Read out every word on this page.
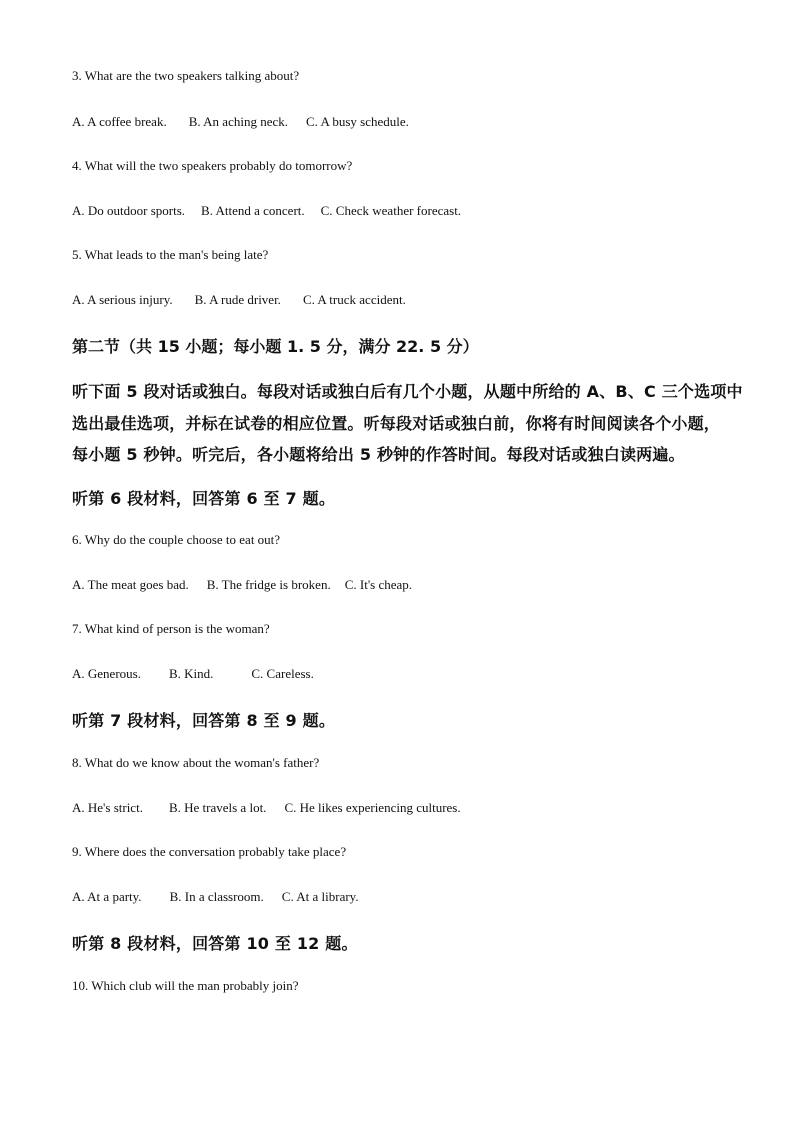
3. What are the two speakers talking about?
A. A coffee break. B. An aching neck. C. A busy schedule.
4. What will the two speakers probably do tomorrow?
A. Do outdoor sports. B. Attend a concert. C. Check weather forecast.
5. What leads to the man's being late?
A. A serious injury. B. A rude driver. C. A truck accident.
第二节（共 15 小题；每小题 1. 5 分，满分 22. 5 分）
听下面 5 段对话或独白。每段对话或独白后有几个小题，从题中所给的 A、B、C 三个选项中
选出最佳选项，并标在试卷的相应位置。听每段对话或独白前，你将有时间阅读各个小题，
每小题 5 秒钟。听完后，各小题将给出 5 秒钟的作答时间。每段对话或独白读两遍。
听第 6 段材料，回答第 6 至 7 题。
6. Why do the couple choose to eat out?
A. The meat goes bad. B. The fridge is broken. C. It's cheap.
7. What kind of person is the woman?
A. Generous. B. Kind.	C. Careless.
听第 7 段材料，回答第 8 至 9 题。
8. What do we know about the woman's father?
A. He's strict. B. He travels a lot. C. He likes experiencing cultures.
9. Where does the conversation probably take place?
A. At a party. B. In a classroom. C. At a library.
听第 8 段材料，回答第 10 至 12 题。
10. Which club will the man probably join?
